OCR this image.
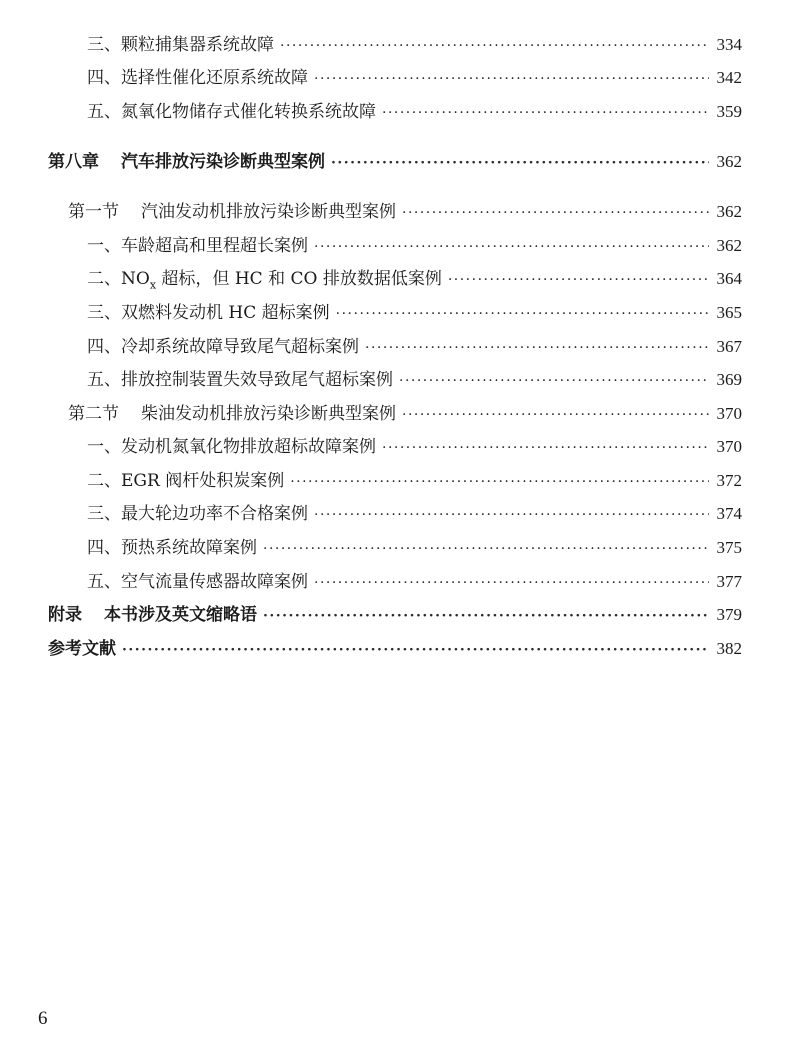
三、颗粒捕集器系统故障 ·····	334
四、选择性催化还原系统故障 ·····	342
五、氮氧化物储存式催化转换系统故障 ·····	359
第八章 汽车排放污染诊断典型案例 ·····	362
第一节 汽油发动机排放污染诊断典型案例 ·····	362
一、车龄超高和里程超长案例 ·····	362
二、$NO_x$ 超标，但 HC 和 CO 排放数据低案例 ·····	364
三、双燃料发动机 HC 超标案例 ·····	365
四、冷却系统故障导致尾气超标案例 ·····	367
五、排放控制装置失效导致尾气超标案例 ·····	369
第二节 柴油发动机排放污染诊断典型案例 ·····	370
一、发动机氮氧化物排放超标故障案例 ·····	370
二、EGR 阀杆处积炭案例 ·····	372
三、最大轮边功率不合格案例 ·····	374
四、预热系统故障案例 ·····	375
五、空气流量传感器故障案例 ·····	377
附录 本书涉及英文缩略语 ·····	379
参考文献 ·····	382
6
